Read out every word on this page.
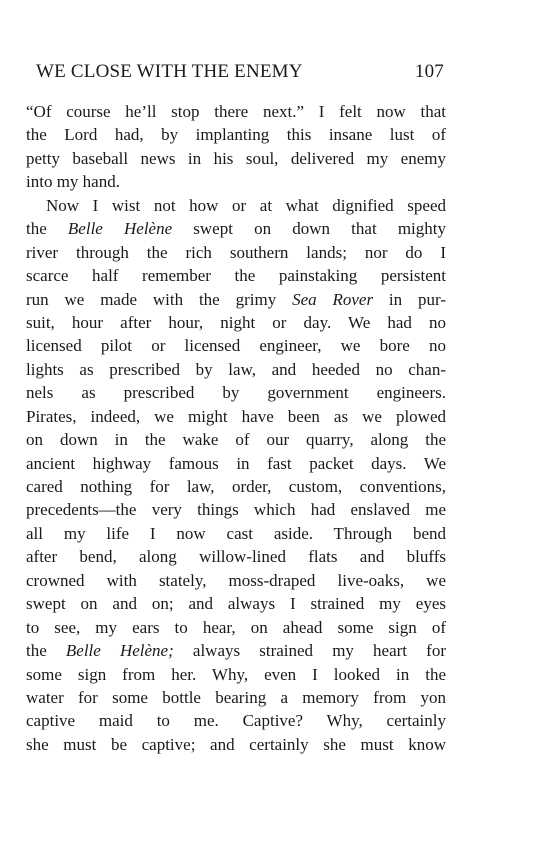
WE CLOSE WITH THE ENEMY	107
“Of course he’ll stop there next.” I felt now that
the Lord had, by implanting this insane lust of
petty baseball news in his soul, delivered my enemy
into my hand.
Now I wist not how or at what dignified speed
the Belle Helène swept on down that mighty
river through the rich southern lands; nor do I
scarce half remember the painstaking persistent
run we made with the grimy Sea Rover in pur-
suit, hour after hour, night or day. We had no
licensed pilot or licensed engineer, we bore no
lights as prescribed by law, and heeded no chan-
nels as prescribed by government engineers.
Pirates, indeed, we might have been as we plowed
on down in the wake of our quarry, along the
ancient highway famous in fast packet days. We
cared nothing for law, order, custom, conventions,
precedents—the very things which had enslaved me
all my life I now cast aside. Through bend
after bend, along willow-lined flats and bluffs
crowned with stately, moss-draped live-oaks, we
swept on and on; and always I strained my eyes
to see, my ears to hear, on ahead some sign of
the Belle Helène; always strained my heart for
some sign from her. Why, even I looked in the
water for some bottle bearing a memory from yon
captive maid to me. Captive? Why, certainly
she must be captive; and certainly she must know
